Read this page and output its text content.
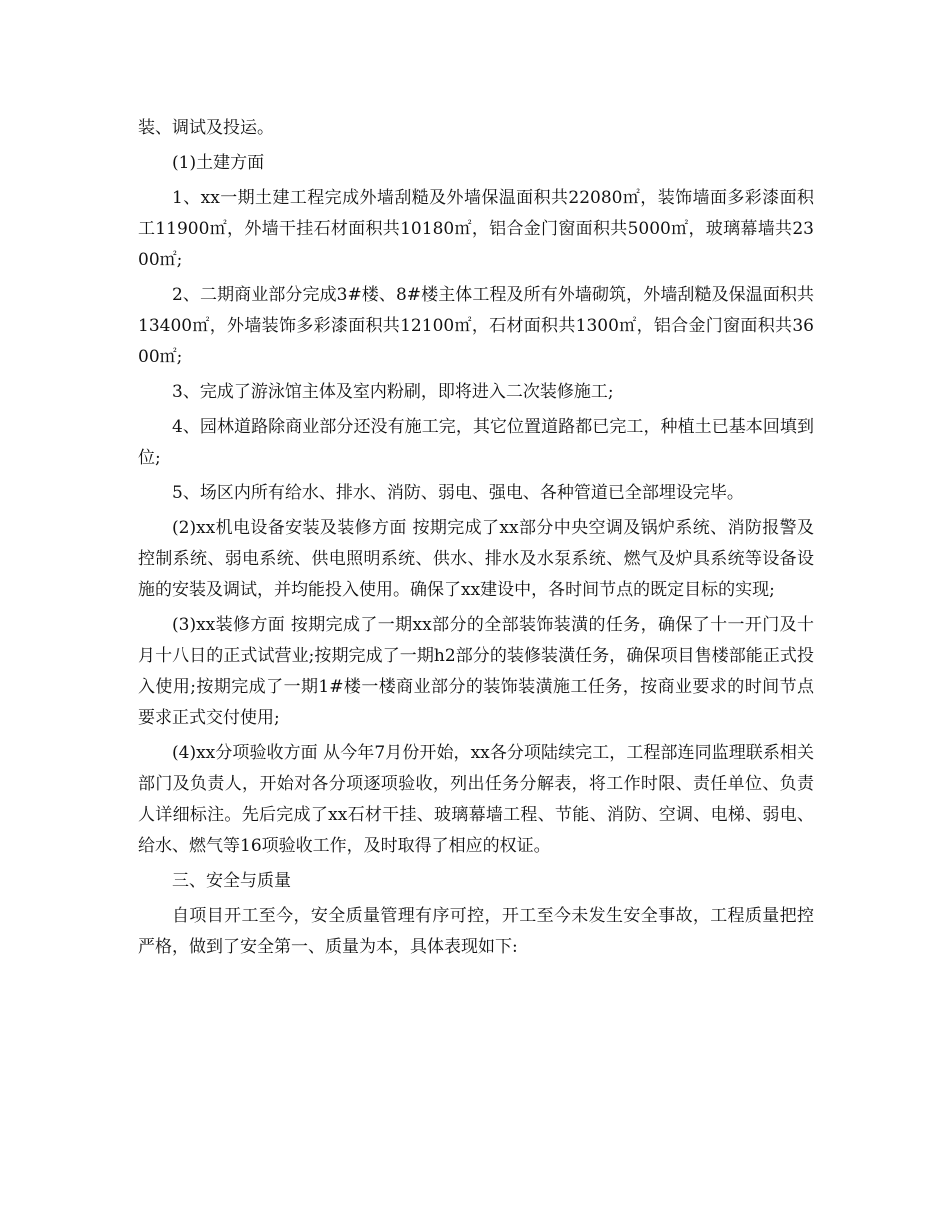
装、调试及投运。

(1)土建方面

1、xx一期土建工程完成外墙刮糙及外墙保温面积共22080㎡，装饰墙面多彩漆面积工11900㎡，外墙干挂石材面积共10180㎡，铝合金门窗面积共5000㎡，玻璃幕墙共2300㎡;

2、二期商业部分完成3#楼、8#楼主体工程及所有外墙砌筑，外墙刮糙及保温面积共13400㎡，外墙装饰多彩漆面积共12100㎡，石材面积共1300㎡，铝合金门窗面积共3600㎡;

3、完成了游泳馆主体及室内粉刷，即将进入二次装修施工;

4、园林道路除商业部分还没有施工完，其它位置道路都已完工，种植土已基本回填到位;

5、场区内所有给水、排水、消防、弱电、强电、各种管道已全部埋设完毕。

(2)xx机电设备安装及装修方面 按期完成了xx部分中央空调及锅炉系统、消防报警及控制系统、弱电系统、供电照明系统、供水、排水及水泵系统、燃气及炉具系统等设备设施的安装及调试，并均能投入使用。确保了xx建设中，各时间节点的既定目标的实现;

(3)xx装修方面 按期完成了一期xx部分的全部装饰装潢的任务，确保了十一开门及十月十八日的正式试营业;按期完成了一期h2部分的装修装潢任务，确保项目售楼部能正式投入使用;按期完成了一期1#楼一楼商业部分的装饰装潢施工任务，按商业要求的时间节点要求正式交付使用;

(4)xx分项验收方面 从今年7月份开始，xx各分项陆续完工，工程部连同监理联系相关部门及负责人，开始对各分项逐项验收，列出任务分解表，将工作时限、责任单位、负责人详细标注。先后完成了xx石材干挂、玻璃幕墙工程、节能、消防、空调、电梯、弱电、给水、燃气等16项验收工作，及时取得了相应的权证。

三、安全与质量

自项目开工至今，安全质量管理有序可控，开工至今未发生安全事故，工程质量把控严格，做到了安全第一、质量为本，具体表现如下:
